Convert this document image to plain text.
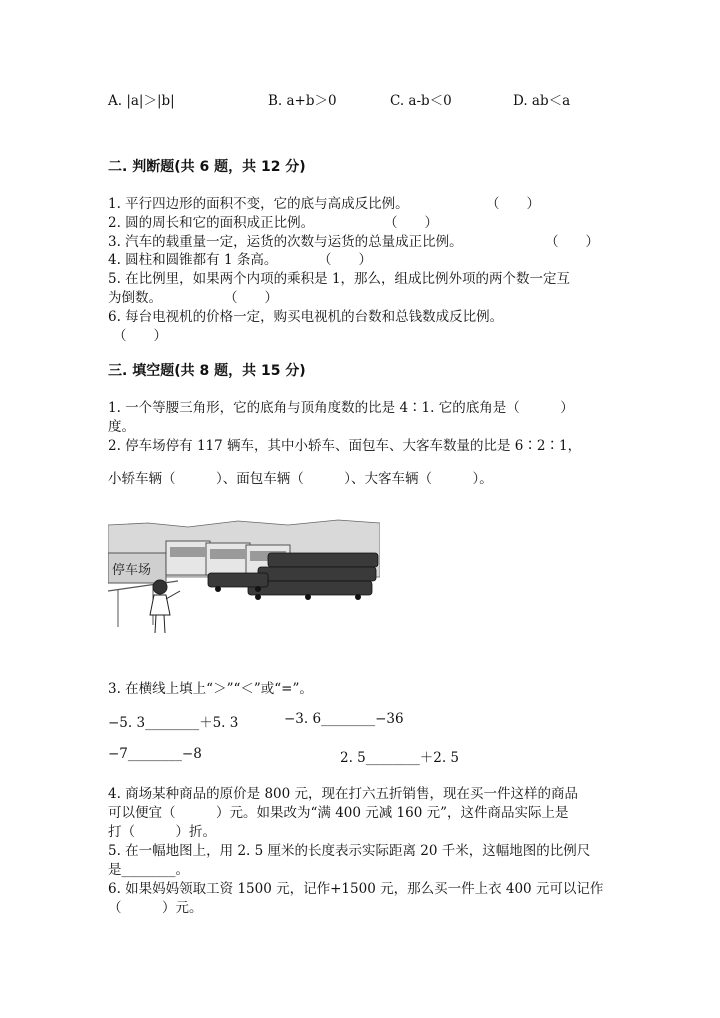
A. |a|＞|b|	B. a+b＞0	C. a-b＜0	D. ab＜a
二. 判断题(共 6 题，共 12 分)
1. 平行四边形的面积不变，它的底与高成反比例。	（　　）
2. 圆的周长和它的面积成正比例。	（　　）
3. 汽车的载重量一定，运货的次数与运货的总量成正比例。	（　　）
4. 圆柱和圆锥都有 1 条高。	（　　）
5. 在比例里，如果两个内项的乘积是 1，那么，组成比例外项的两个数一定互
为倒数。	（　　）
6. 每台电视机的价格一定，购买电视机的台数和总钱数成反比例。
（　　）
三. 填空题(共 8 题，共 15 分)
1. 一个等腰三角形，它的底角与顶角度数的比是 4∶1. 它的底角是（　　　）
度。
2. 停车场停有 117 辆车，其中小轿车、面包车、大客车数量的比是 6∶2∶1，
小轿车辆（　　　）、面包车辆（　　　）、大客车辆（　　　）。
停车场
3. 在横线上填上“＞”“＜”或“=”。
−5. 3________＋5. 3	−3. 6________−36
−7________−8	2. 5________＋2. 5
4. 商场某种商品的原价是 800 元，现在打六五折销售，现在买一件这样的商品
可以便宜（　　　）元。如果改为“满 400 元减 160 元”，这件商品实际上是
打（　　　）折。
5. 在一幅地图上，用 2. 5 厘米的长度表示实际距离 20 千米，这幅地图的比例尺
是________。
6. 如果妈妈领取工资 1500 元，记作+1500 元，那么买一件上衣 400 元可以记作
（　　　）元。
